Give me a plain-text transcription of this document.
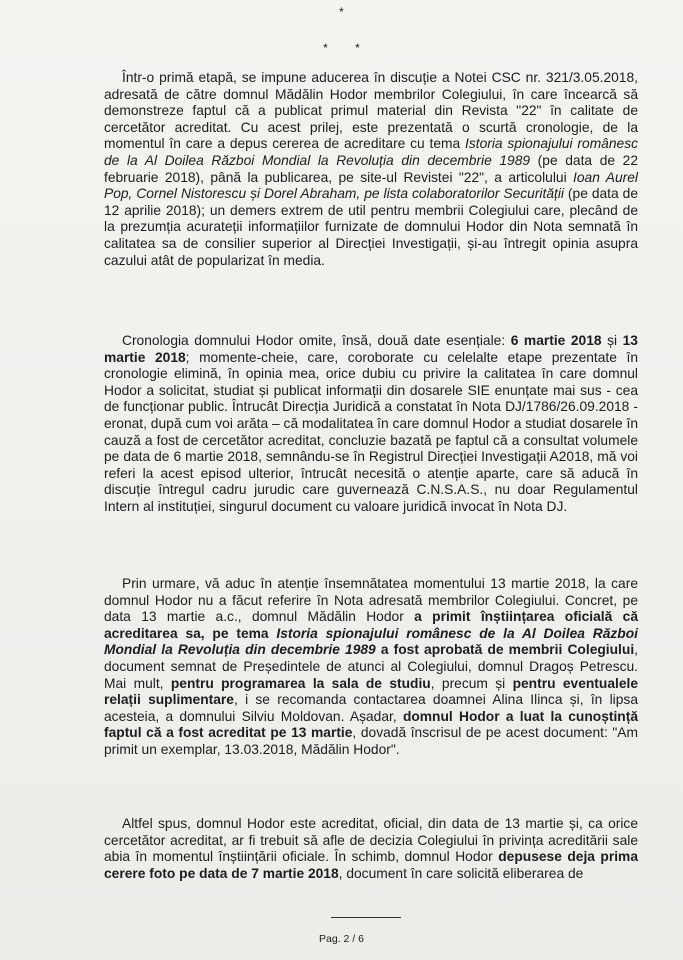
*
* *

Într-o primă etapă, se impune aducerea în discuție a Notei CSC nr. 321/3.05.2018, adresată de către domnul Mădălin Hodor membrilor Colegiului, în care încearcă să demonstreze faptul că a publicat primul material din Revista "22" în calitate de cercetător acreditat. Cu acest prilej, este prezentată o scurtă cronologie, de la momentul în care a depus cererea de acreditare cu tema Istoria spionajului românesc de la Al Doilea Război Mondial la Revoluția din decembrie 1989 (pe data de 22 februarie 2018), până la publicarea, pe site-ul Revistei "22", a articolului Ioan Aurel Pop, Cornel Nistorescu și Dorel Abraham, pe lista colaboratorilor Securității (pe data de 12 aprilie 2018); un demers extrem de util pentru membrii Colegiului care, plecând de la prezumția acurateții informațiilor furnizate de domnului Hodor din Nota semnată în calitatea sa de consilier superior al Direcției Investigații, și-au întregit opinia asupra cazului atât de popularizat în media.

Cronologia domnului Hodor omite, însă, două date esențiale: 6 martie 2018 și 13 martie 2018; momente-cheie, care, coroborate cu celelalte etape prezentate în cronologie elimină, în opinia mea, orice dubiu cu privire la calitatea în care domnul Hodor a solicitat, studiat și publicat informații din dosarele SIE enunțate mai sus - cea de funcționar public. Întrucât Direcția Juridică a constatat în Nota DJ/1786/26.09.2018 - eronat, după cum voi arăta – că modalitatea în care domnul Hodor a studiat dosarele în cauză a fost de cercetător acreditat, concluzie bazată pe faptul că a consultat volumele pe data de 6 martie 2018, semnându-se în Registrul Direcției Investigații A2018, mă voi referi la acest episod ulterior, întrucât necesită o atenție aparte, care să aducă în discuție întregul cadru jurudic care guvernează C.N.S.A.S., nu doar Regulamentul Intern al instituției, singurul document cu valoare juridică invocat în Nota DJ.

Prin urmare, vă aduc în atenție însemnătatea momentului 13 martie 2018, la care domnul Hodor nu a făcut referire în Nota adresată membrilor Colegiului. Concret, pe data 13 martie a.c., domnul Mădălin Hodor a primit înștiințarea oficială că acreditarea sa, pe tema Istoria spionajului românesc de la Al Doilea Război Mondial la Revoluția din decembrie 1989 a fost aprobată de membrii Colegiului, document semnat de Președintele de atunci al Colegiului, domnul Dragoș Petrescu. Mai mult, pentru programarea la sala de studiu, precum și pentru eventualele relații suplimentare, i se recomanda contactarea doamnei Alina Ilinca și, în lipsa acesteia, a domnului Silviu Moldovan. Așadar, domnul Hodor a luat la cunoștință faptul că a fost acreditat pe 13 martie, dovadă înscrisul de pe acest document: "Am primit un exemplar, 13.03.2018, Mădălin Hodor".

Altfel spus, domnul Hodor este acreditat, oficial, din data de 13 martie și, ca orice cercetător acreditat, ar fi trebuit să afle de decizia Colegiului în privința acreditării sale abia în momentul înștiințării oficiale. În schimb, domnul Hodor depusese deja prima cerere foto pe data de 7 martie 2018, document în care solicită eliberarea de

Pag. 2 / 6
